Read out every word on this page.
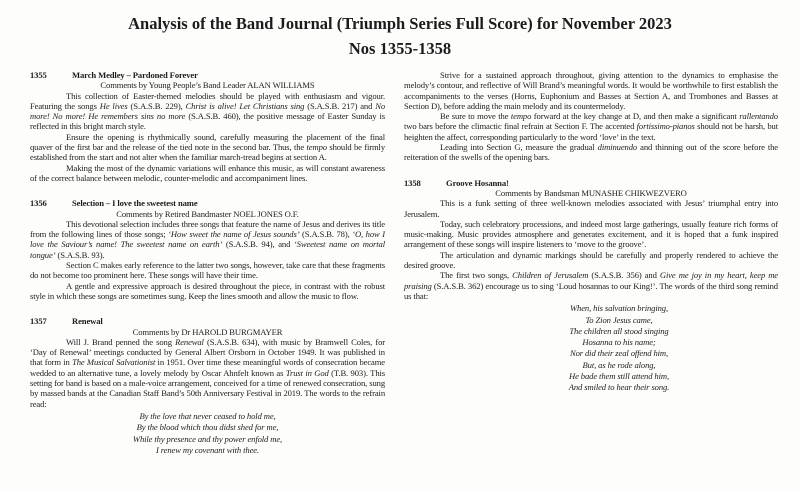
Analysis of the Band Journal (Triumph Series Full Score) for November 2023
Nos 1355-1358
1355	March Medley – Pardoned Forever
Comments by Young People’s Band Leader ALAN WILLIAMS

This collection of Easter-themed melodies should be played with enthusiasm and vigour. Featuring the songs He lives (S.A.S.B. 229), Christ is alive! Let Christians sing (S.A.S.B. 217) and No more! No more! He remembers sins no more (S.A.S.B. 460), the positive message of Easter Sunday is reflected in this bright march style.

Ensure the opening is rhythmically sound, carefully measuring the placement of the final quaver of the first bar and the release of the tied note in the second bar. Thus, the tempo should be firmly established from the start and not alter when the familiar march-tread begins at section A.

Making the most of the dynamic variations will enhance this music, as will constant awareness of the correct balance between melodic, counter-melodic and accompaniment lines.

1356	Selection – I love the sweetest name
Comments by Retired Bandmaster NOEL JONES O.F.

This devotional selection includes three songs that feature the name of Jesus and derives its title from the following lines of those songs; ‘How sweet the name of Jesus sounds’ (S.A.S.B. 78), ‘O, how I love the Saviour’s name! The sweetest name on earth’ (S.A.S.B. 94), and ‘Sweetest name on mortal tongue’ (S.A.S.B. 93).

Section C makes early reference to the latter two songs, however, take care that these fragments do not become too prominent here. These songs will have their time.

A gentle and expressive approach is desired throughout the piece, in contrast with the robust style in which these songs are sometimes sung. Keep the lines smooth and allow the music to flow.

1357	Renewal
Comments by Dr HAROLD BURGMAYER

Will J. Brand penned the song Renewal (S.A.S.B. 634), with music by Bramwell Coles, for ‘Day of Renewal’ meetings conducted by General Albert Orsborn in October 1949. It was published in that form in The Musical Salvationist in 1951. Over time these meaningful words of consecration became wedded to an alternative tune, a lovely melody by Oscar Ahnfelt known as Trust in God (T.B. 903). This setting for band is based on a male-voice arrangement, conceived for a time of renewed consecration, sung by massed bands at the Canadian Staff Band’s 50th Anniversary Festival in 2019. The words to the refrain read:

By the love that never ceased to hold me,
By the blood which thou didst shed for me,
While thy presence and thy power enfold me,
I renew my covenant with thee.

Strive for a sustained approach throughout, giving attention to the dynamics to emphasise the melody’s contour, and reflective of Will Brand’s meaningful words. It would be worthwhile to first establish the accompaniments to the verses (Horns, Euphonium and Basses at Section A, and Trombones and Basses at Section D), before adding the main melody and its countermelody.

Be sure to move the tempo forward at the key change at D, and then make a significant rallentando two bars before the climactic final refrain at Section F. The accented fortissimo-pianos should not be harsh, but heighten the affect, corresponding particularly to the word ‘love’ in the text.

Leading into Section G, measure the gradual diminuendo and thinning out of the score before the reiteration of the swells of the opening bars.

1358	Groove Hosanna!
Comments by Bandsman MUNASHE CHIKWEZVERO

This is a funk setting of three well-known melodies associated with Jesus’ triumphal entry into Jerusalem.

Today, such celebratory processions, and indeed most large gatherings, usually feature rich forms of music-making. Music provides atmosphere and generates excitement, and it is hoped that a funk inspired arrangement of these songs will inspire listeners to ‘move to the groove’.

The articulation and dynamic markings should be carefully and properly rendered to achieve the desired groove.

The first two songs, Children of Jerusalem (S.A.S.B. 356) and Give me joy in my heart, keep me praising (S.A.S.B. 362) encourage us to sing ‘Loud hosannas to our King!’. The words of the third song remind us that:

When, his salvation bringing,
To Zion Jesus came,
The children all stood singing
Hosanna to his name;
Nor did their zeal offend him,
But, as he rode along,
He bade them still attend him,
And smiled to hear their song.
